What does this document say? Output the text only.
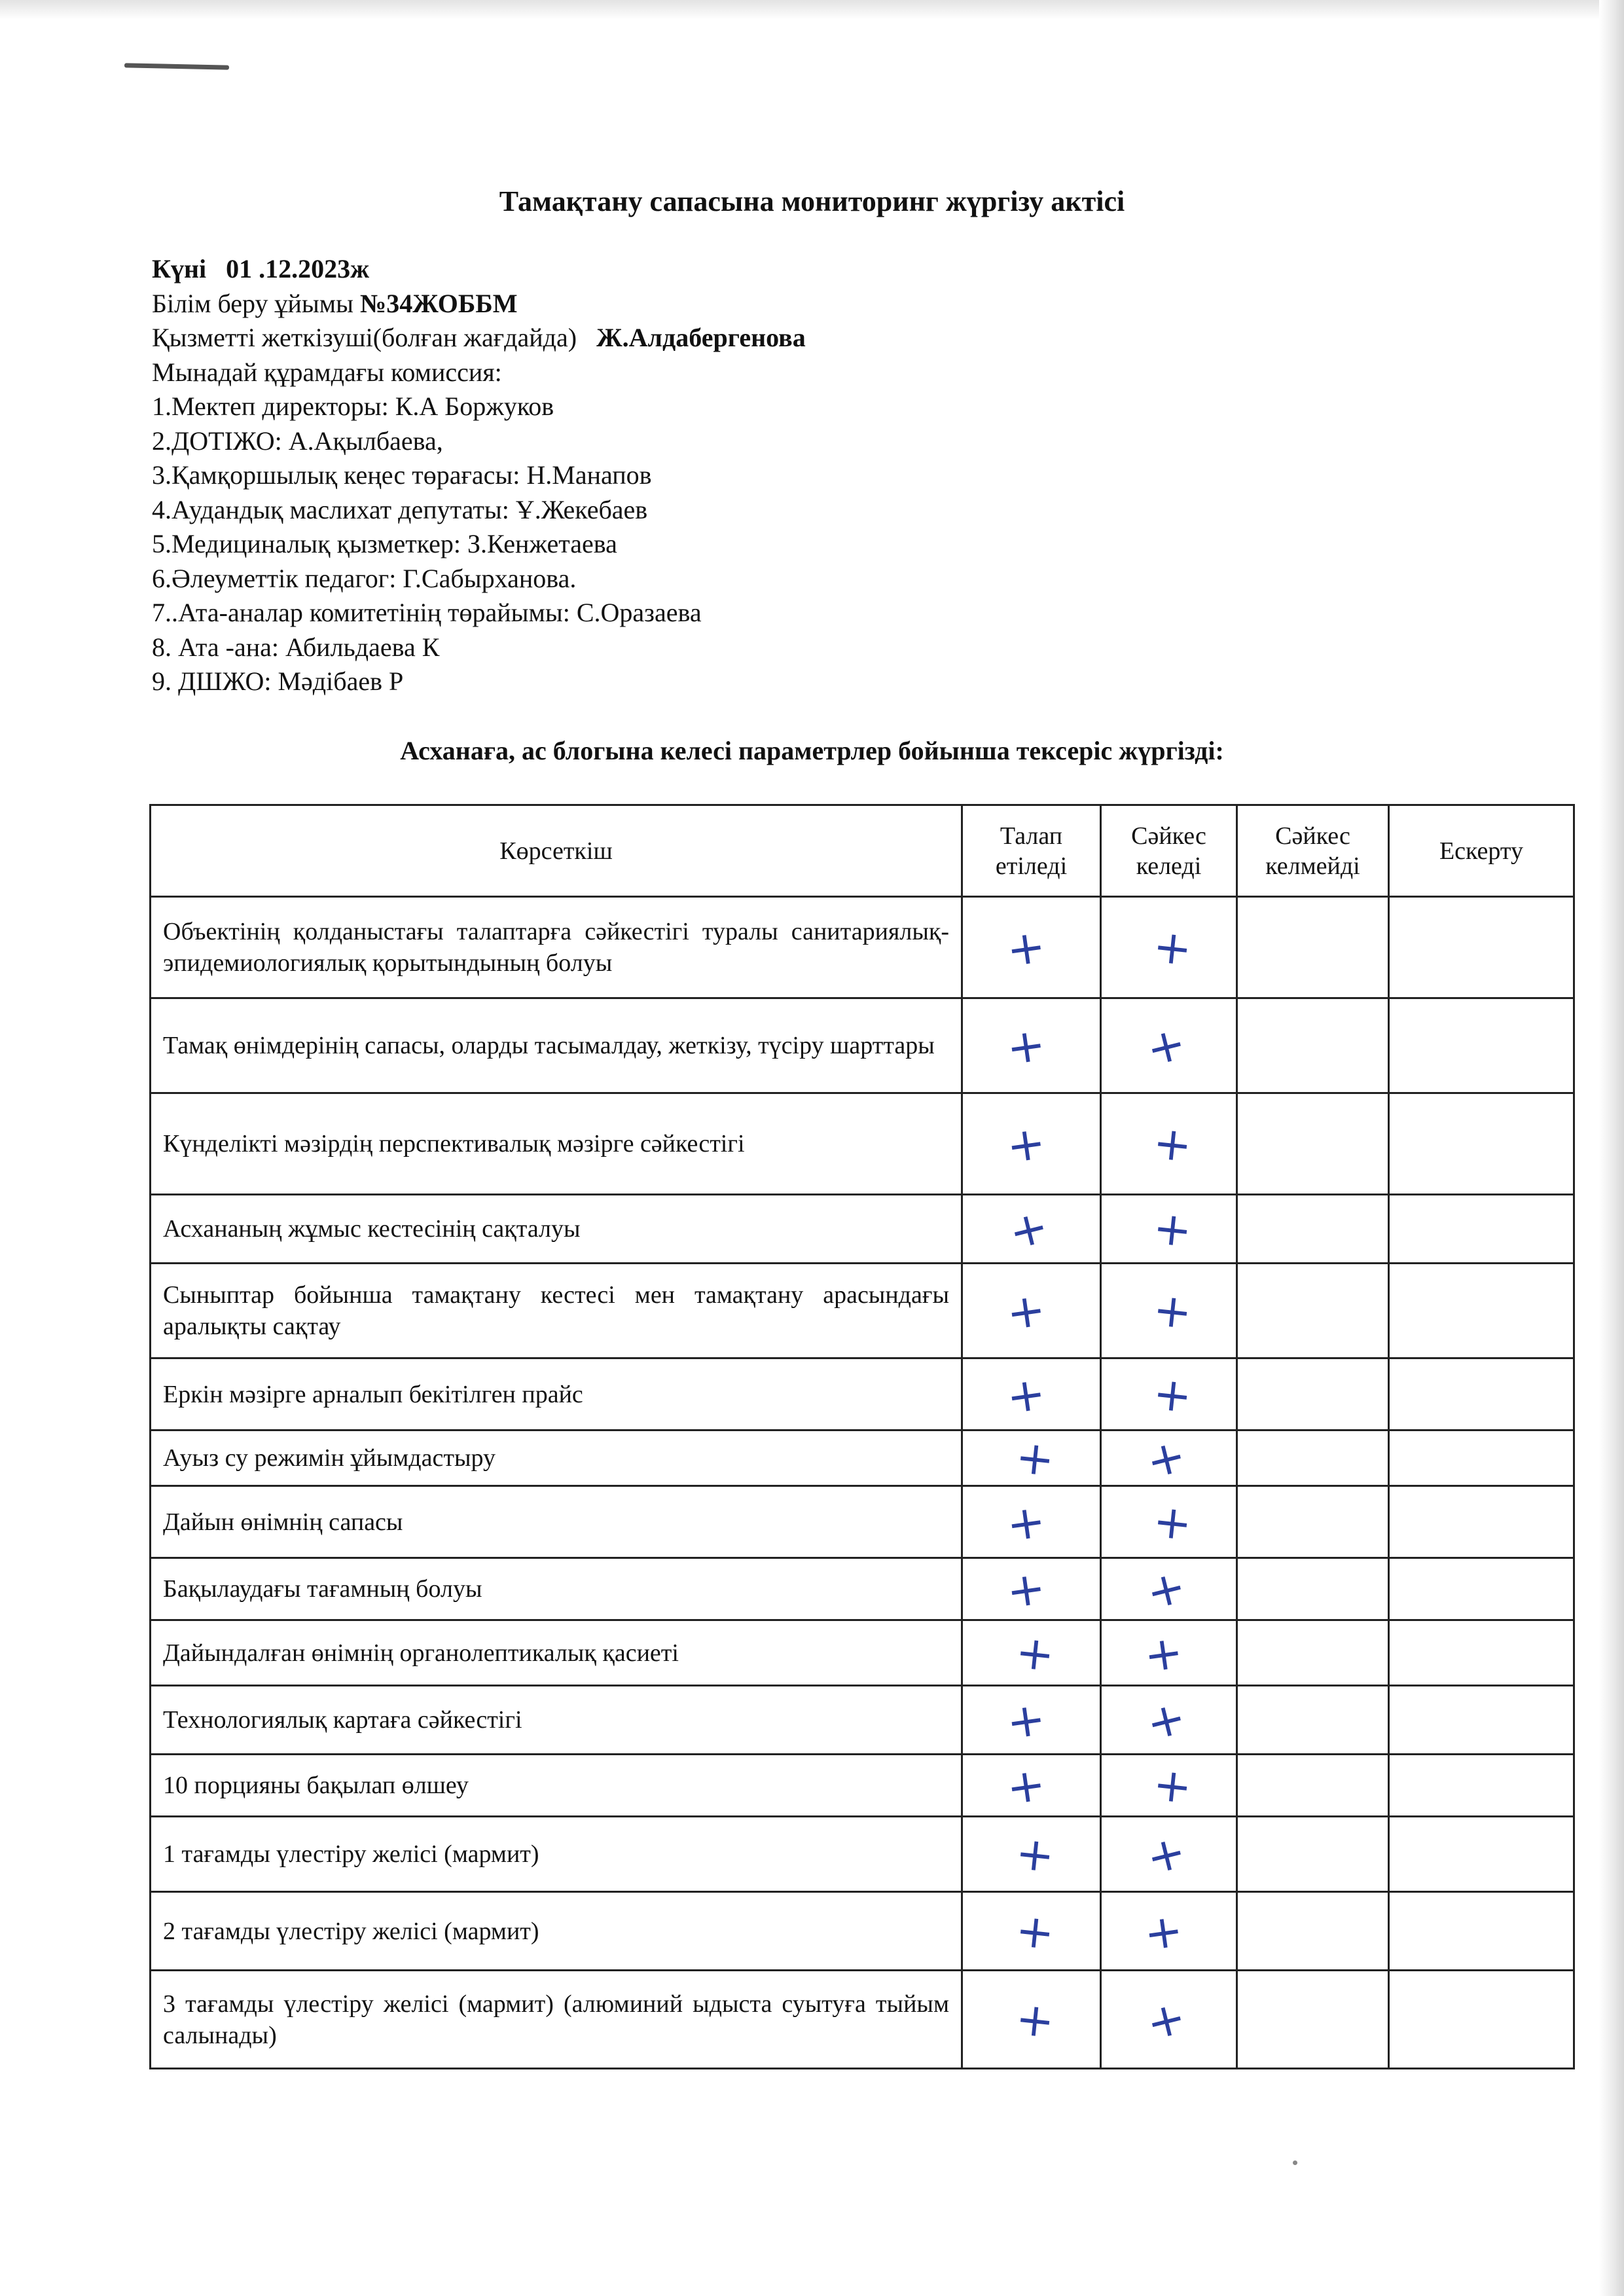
Тамақтану сапасына мониторинг жүргізу актісі
Күні 01 .12.2023ж
Білім беру ұйымы №34ЖОББМ
Қызметті жеткізуші(болған жағдайда) Ж.Алдабергенова
Мынадай құрамдағы комиссия:
1.Мектеп директоры: К.А Боржуков
2.ДОТІЖО: А.Ақылбаева,
3.Қамқоршылық кеңес төрағасы: Н.Манапов
4.Аудандық маслихат депутаты: Ұ.Жекебаев
5.Медициналық қызметкер: З.Кенжетаева
6.Әлеуметтік педагог: Г.Сабырханова.
7..Ата-аналар комитетінің төрайымы: С.Оразаева
8. Ата -ана: Абильдаева К
9. ДШЖО: Мәдібаев Р
Асханаға, ас блогына келесі параметрлер бойынша тексеріс жүргізді:
Көрсеткіш	Талап етіледі	Сәйкес келеді	Сәйкес келмейді	Ескерту
Объектінің қолданыстағы талаптарға сәйкестігі туралы санитариялық-эпидемиологиялық қорытындының болуы	+	+		
Тамақ өнімдерінің сапасы, оларды тасымалдау, жеткізу, түсіру шарттары	+	+		
Күнделікті мәзірдің перспективалық мәзірге сәйкестігі	+	+		
Асхананың жұмыс кестесінің сақталуы	+	+		
Сыныптар бойынша тамақтану кестесі мен тамақтану арасындағы аралықты сақтау	+	+		
Еркін мәзірге арналып бекітілген прайс	+	+		
Ауыз су режимін ұйымдастыру	+	+		
Дайын өнімнің сапасы	+	+		
Бақылаудағы тағамның болуы	+	+		
Дайындалған өнімнің органолептикалық қасиеті	+	+		
Технологиялық картаға сәйкестігі	+	+		
10 порцияны бақылап өлшеу	+	+		
1 тағамды үлестіру желісі (мармит)	+	+		
2 тағамды үлестіру желісі (мармит)	+	+		
3 тағамды үлестіру желісі (мармит) (алюминий ыдыста суытуға тыйым салынады)	+	+		
